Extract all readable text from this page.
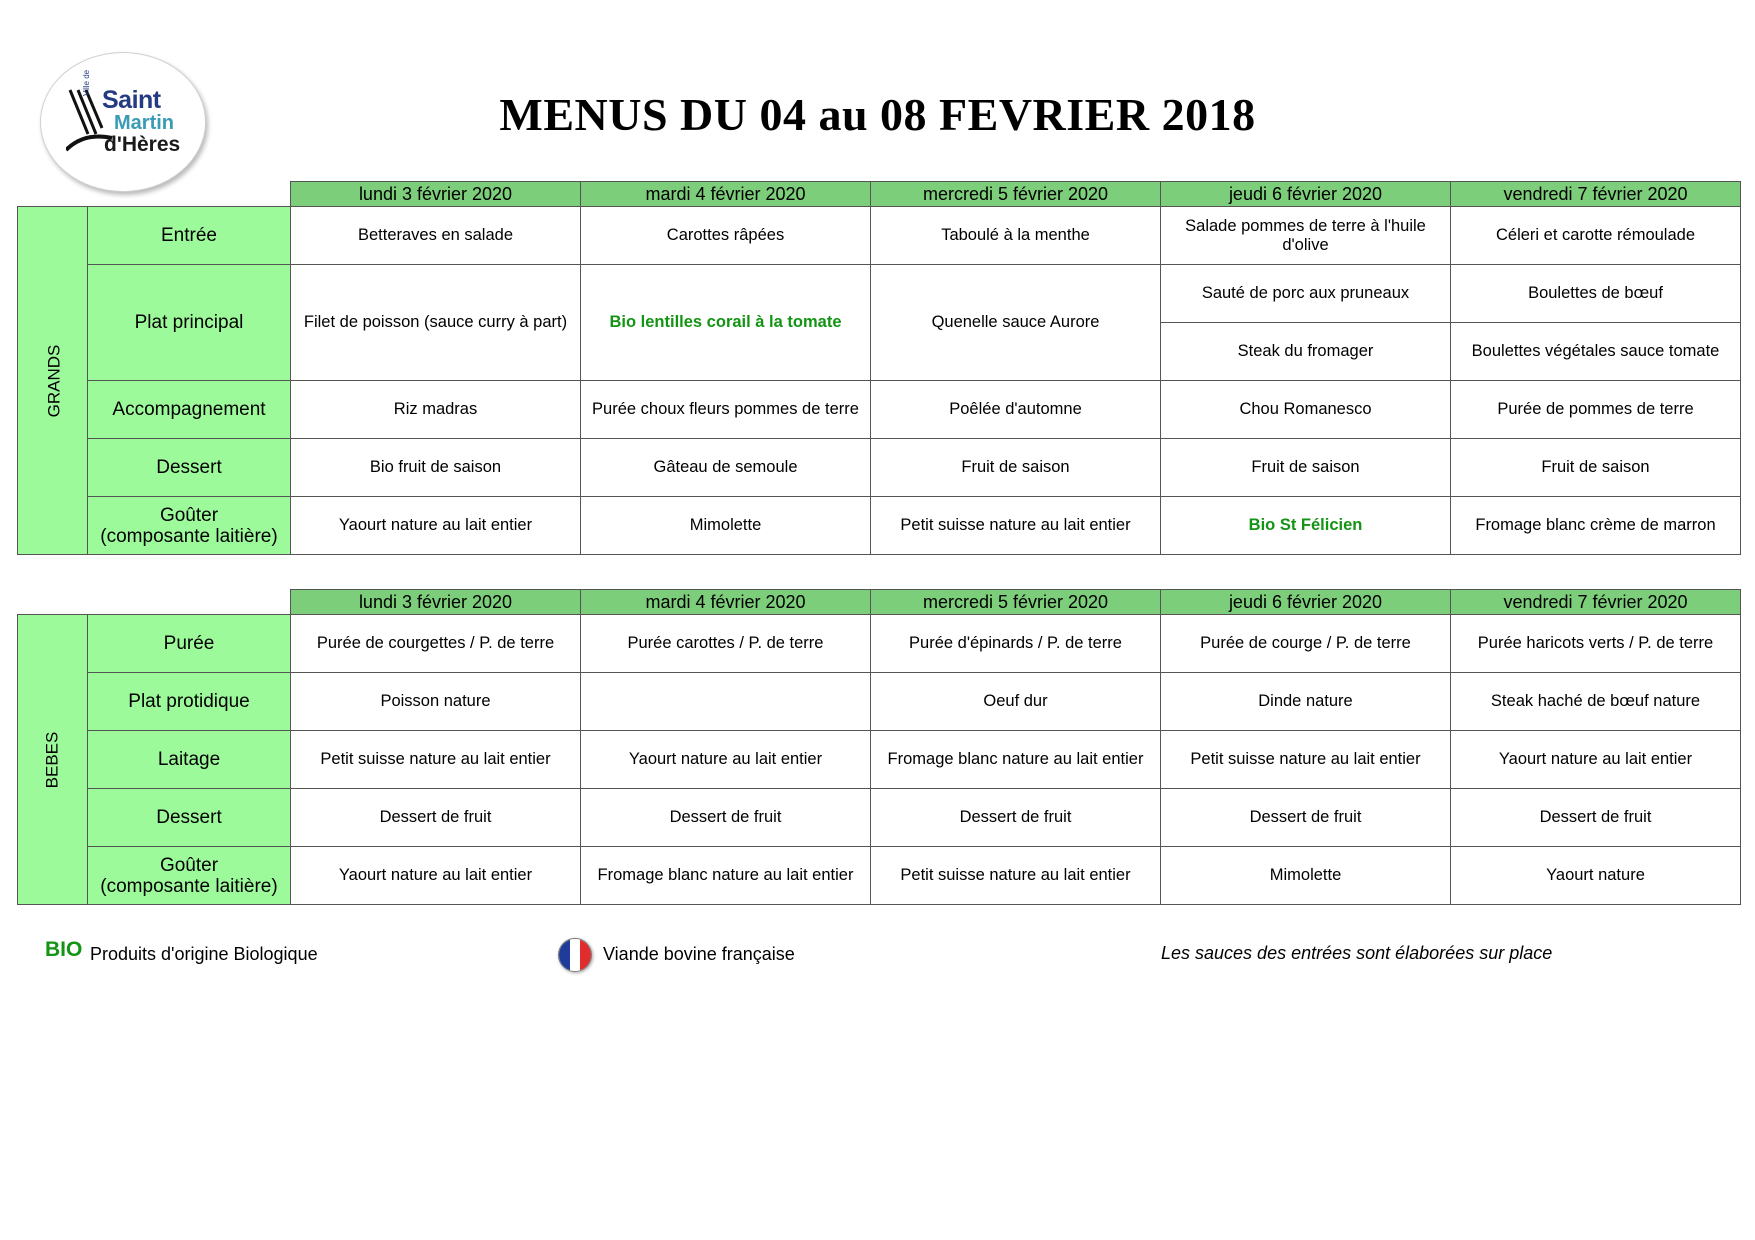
Ville de
Saint
Martin
d'Hères
MENUS DU 04 au 08 FEVRIER 2018
		lundi 3 février 2020	mardi 4 février 2020	mercredi 5 février 2020	jeudi 6 février 2020	vendredi 7 février 2020
GRANDS	Entrée	Betteraves en salade	Carottes râpées	Taboulé à la menthe	Salade pommes de terre à l'huile d'olive	Céleri et carotte rémoulade
	Plat principal	Filet de poisson (sauce curry à part)	Bio lentilles corail à la tomate	Quenelle sauce Aurore	Sauté de porc aux pruneaux	Boulettes de bœuf
					Steak du fromager	Boulettes végétales sauce tomate
	Accompagnement	Riz madras	Purée choux fleurs pommes de terre	Poêlée d'automne	Chou Romanesco	Purée de pommes de terre
	Dessert	Bio fruit de saison	Gâteau de semoule	Fruit de saison	Fruit de saison	Fruit de saison

	Goûter
(composante laitière)	Yaourt nature au lait entier	Mimolette	Petit suisse nature au lait entier	Bio St Félicien	Fromage blanc crème de marron
		lundi 3 février 2020	mardi 4 février 2020	mercredi 5 février 2020	jeudi 6 février 2020	vendredi 7 février 2020
BEBES	Purée	Purée de courgettes / P. de terre	Purée carottes / P. de terre	Purée d'épinards / P. de terre	Purée de courge / P. de terre	Purée haricots verts / P. de terre
	Plat protidique	Poisson nature		Oeuf dur	Dinde nature	Steak haché de bœuf nature
	Laitage	Petit suisse nature au lait entier	Yaourt nature au lait entier	Fromage blanc nature au lait entier	Petit suisse nature au lait entier	Yaourt nature au lait entier
	Dessert	Dessert de fruit	Dessert de fruit	Dessert de fruit	Dessert de fruit	Dessert de fruit

	Goûter
(composante laitière)	Yaourt nature au lait entier	Fromage blanc nature au lait entier	Petit suisse nature au lait entier	Mimolette	Yaourt nature
BIO Produits d'origine Biologique	Viande bovine française	Les sauces des entrées sont élaborées sur place
